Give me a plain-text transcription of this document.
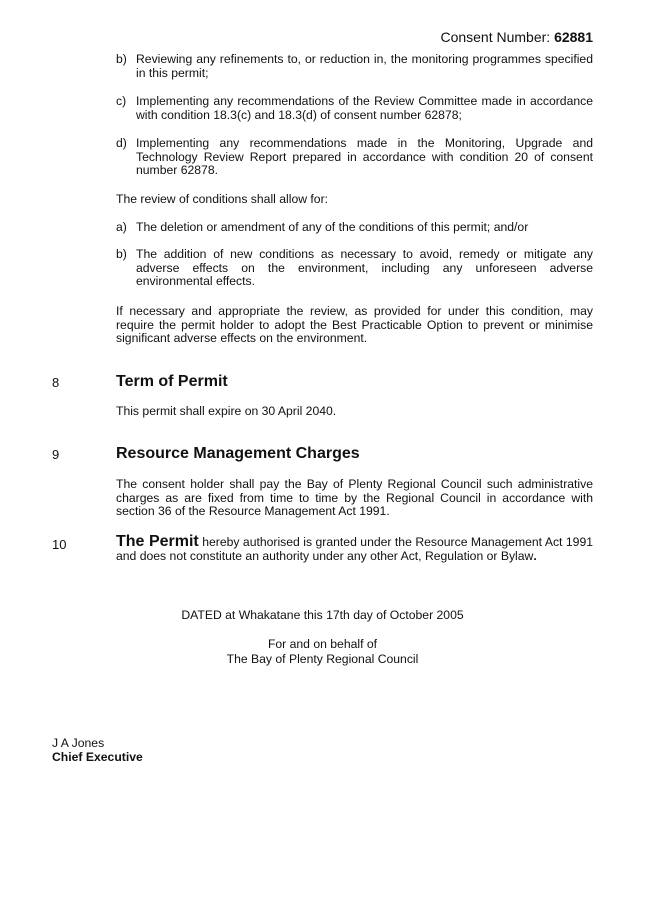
Consent Number: 62881
b) Reviewing any refinements to, or reduction in, the monitoring programmes specified in this permit;
c) Implementing any recommendations of the Review Committee made in accordance with condition 18.3(c) and 18.3(d) of consent number 62878;
d) Implementing any recommendations made in the Monitoring, Upgrade and Technology Review Report prepared in accordance with condition 20 of consent number 62878.
The review of conditions shall allow for:
a) The deletion or amendment of any of the conditions of this permit; and/or
b) The addition of new conditions as necessary to avoid, remedy or mitigate any adverse effects on the environment, including any unforeseen adverse environmental effects.
If necessary and appropriate the review, as provided for under this condition, may require the permit holder to adopt the Best Practicable Option to prevent or minimise significant adverse effects on the environment.
8	Term of Permit
This permit shall expire on 30 April 2040.
9	Resource Management Charges
The consent holder shall pay the Bay of Plenty Regional Council such administrative charges as are fixed from time to time by the Regional Council in accordance with section 36 of the Resource Management Act 1991.
10	The Permit hereby authorised is granted under the Resource Management Act 1991 and does not constitute an authority under any other Act, Regulation or Bylaw.
DATED at Whakatane this 17th day of October 2005
For and on behalf of
The Bay of Plenty Regional Council
J A Jones
Chief Executive
